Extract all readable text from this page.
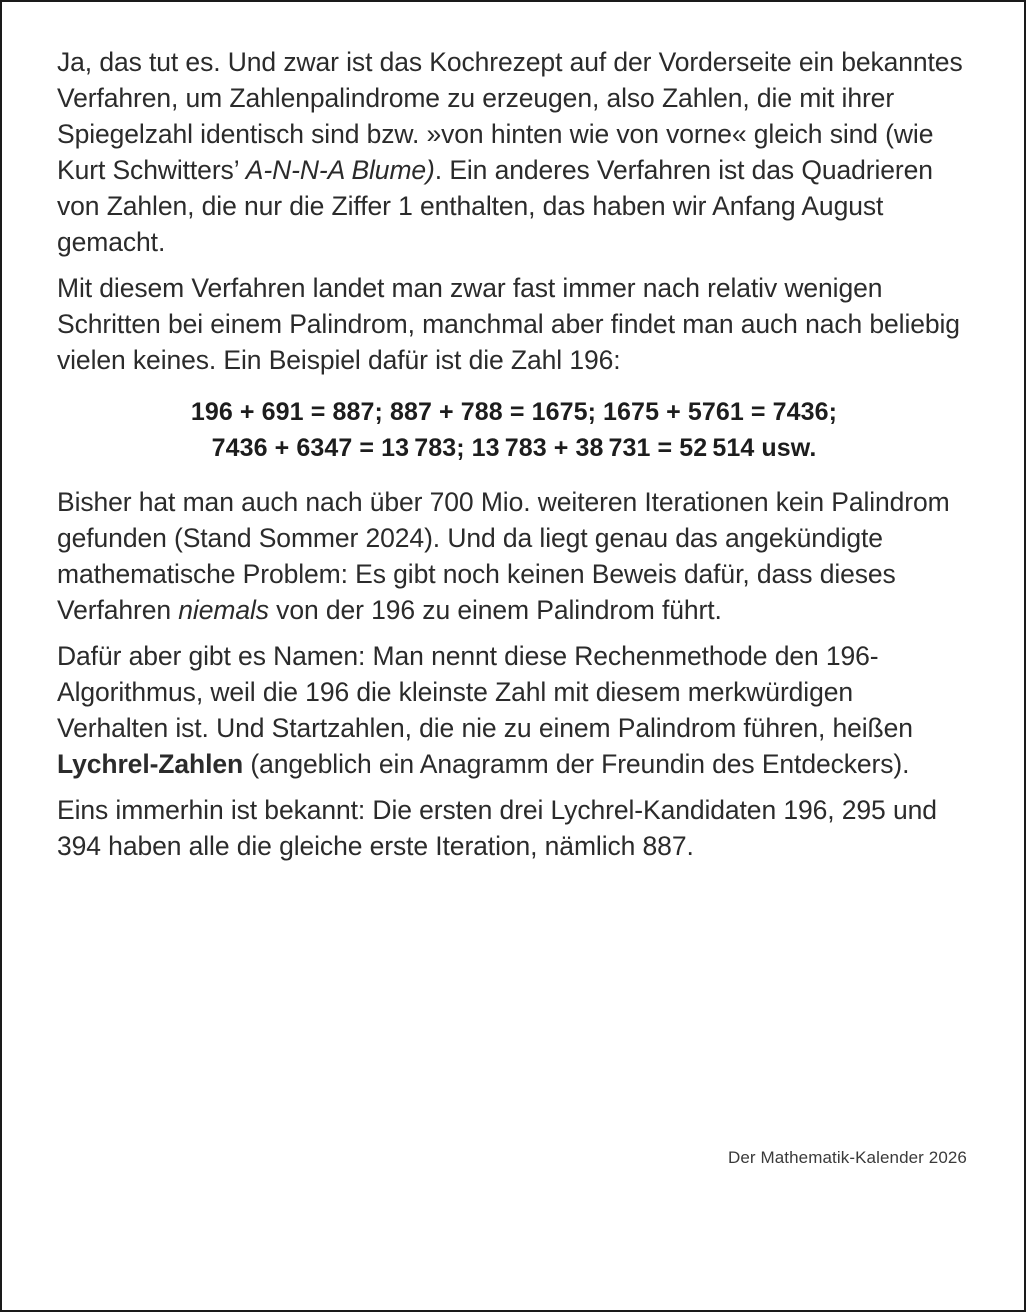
Ja, das tut es. Und zwar ist das Kochrezept auf der Vorderseite ein bekanntes Verfahren, um Zahlenpalindrome zu erzeugen, also Zahlen, die mit ihrer Spiegelzahl identisch sind bzw. »von hinten wie von vorne« gleich sind (wie Kurt Schwitters’ A-N-N-A Blume). Ein anderes Verfahren ist das Quadrieren von Zahlen, die nur die Ziffer 1 enthalten, das haben wir Anfang August gemacht.

Mit diesem Verfahren landet man zwar fast immer nach relativ wenigen Schritten bei einem Palindrom, manchmal aber findet man auch nach beliebig vielen keines. Ein Beispiel dafür ist die Zahl 196:

196 + 691 = 887; 887 + 788 = 1675; 1675 + 5761 = 7436;
7436 + 6347 = 13 783; 13 783 + 38 731 = 52 514 usw.

Bisher hat man auch nach über 700 Mio. weiteren Iterationen kein Palindrom gefunden (Stand Sommer 2024). Und da liegt genau das angekündigte mathematische Problem: Es gibt noch keinen Beweis dafür, dass dieses Verfahren niemals von der 196 zu einem Palindrom führt.

Dafür aber gibt es Namen: Man nennt diese Rechenmethode den 196-Algorithmus, weil die 196 die kleinste Zahl mit diesem merkwürdigen Verhalten ist. Und Startzahlen, die nie zu einem Palindrom führen, heißen Lychrel-Zahlen (angeblich ein Anagramm der Freundin des Entdeckers).

Eins immerhin ist bekannt: Die ersten drei Lychrel-Kandidaten 196, 295 und 394 haben alle die gleiche erste Iteration, nämlich 887.

Der Mathematik-Kalender 2026
